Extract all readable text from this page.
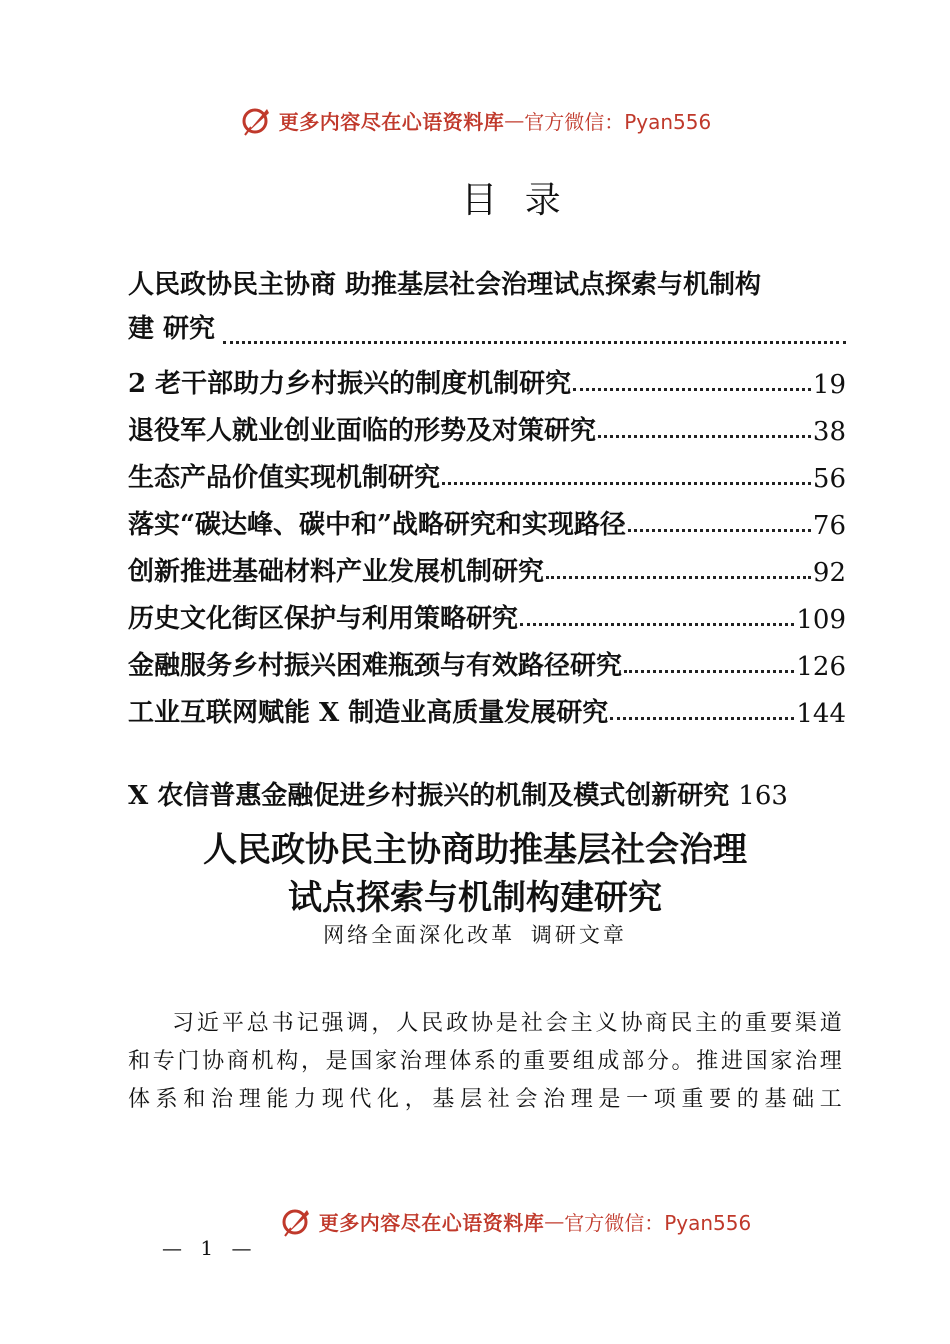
更多内容尽在心语资料库 — 官方微信：Pyan556
目 录
人民政协民主协商 助推基层社会治理试点探索与机制构
建 研究
2 老干部助力乡村振兴的制度机制研究	19
退役军人就业创业面临的形势及对策研究	38
生态产品价值实现机制研究	56
落实“碳达峰、碳中和”战略研究和实现路径	76
创新推进基础材料产业发展机制研究	92
历史文化街区保护与利用策略研究	109
金融服务乡村振兴困难瓶颈与有效路径研究	126
工业互联网赋能 X 制造业高质量发展研究	144
X 农信普惠金融促进乡村振兴的机制及模式创新研究 163
人民政协民主协商助推基层社会治理
试点探索与机制构建研究
网络全面深化改革 调研文章
习近平总书记强调，人民政协是社会主义协商民主的重要渠道和专门协商机构，是国家治理体系的重要组成部分。推进国家治理体系和治理能力现代化，基层社会治理是一项重要的基础工
更多内容尽在心语资料库 — 官方微信：Pyan556
— 1 —
